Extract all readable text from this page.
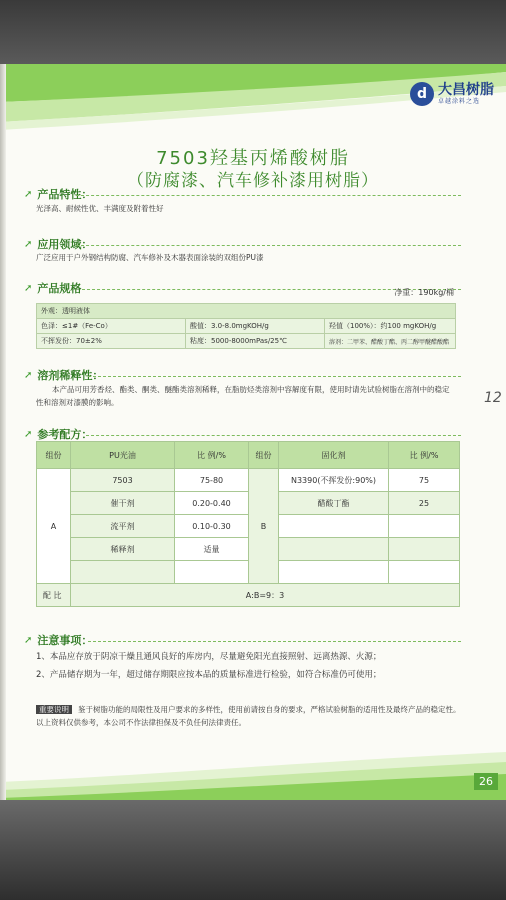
d 大昌树脂
卓越涂料之选
7503羟基丙烯酸树脂
（防腐漆、汽车修补漆用树脂）
➚ 产品特性：
光泽高、耐候性优、丰满度及附着性好
➚ 应用领域：
广泛应用于户外钢结构防腐、汽车修补及木器表面涂装的双组份PU漆
➚ 产品规格	净重：190kg/桶
外观：透明液体		
色泽：≤1#（Fe-Co）	酸值：3.0-8.0mgKOH/g	羟值（100%）：约100 mgKOH/g
不挥发份：70±2%	粘度：5000-8000mPas/25℃	溶剂：二甲苯、醋酸丁酯、丙二醇甲醚醋酸酯
➚ 溶剂稀释性：
本产品可用芳香烃、酯类、酮类、醚酯类溶剂稀释，在脂肪烃类溶剂中容解度有限，使用时请先试验树脂在溶剂中的稳定性和溶剂对漆膜的影响。
➚ 参考配方：
组份	PU光油	比 例/%	组份	固化剂	比 例/%
A	7503	75-80	B	N3390(不挥发份:90%)	75
	催干剂	0.20-0.40		醋酸丁酯	25
	流平剂	0.10-0.30			
	稀释剂	适量			

配 比	A:B=9：3				
➚ 注意事项：
1、本品应存放于阴凉干燥且通风良好的库房内，尽量避免阳光直接照射、远离热源、火源；
2、产品储存期为一年，超过储存期限应按本品的质量标准进行检验，如符合标准仍可使用；
重要说明 鉴于树脂功能的局限性及用户要求的多样性，使用前请按自身的要求，严格试验树脂的适用性及最终产品的稳定性。
以上资料仅供参考，本公司不作法律担保及不负任何法律责任。
26
12
